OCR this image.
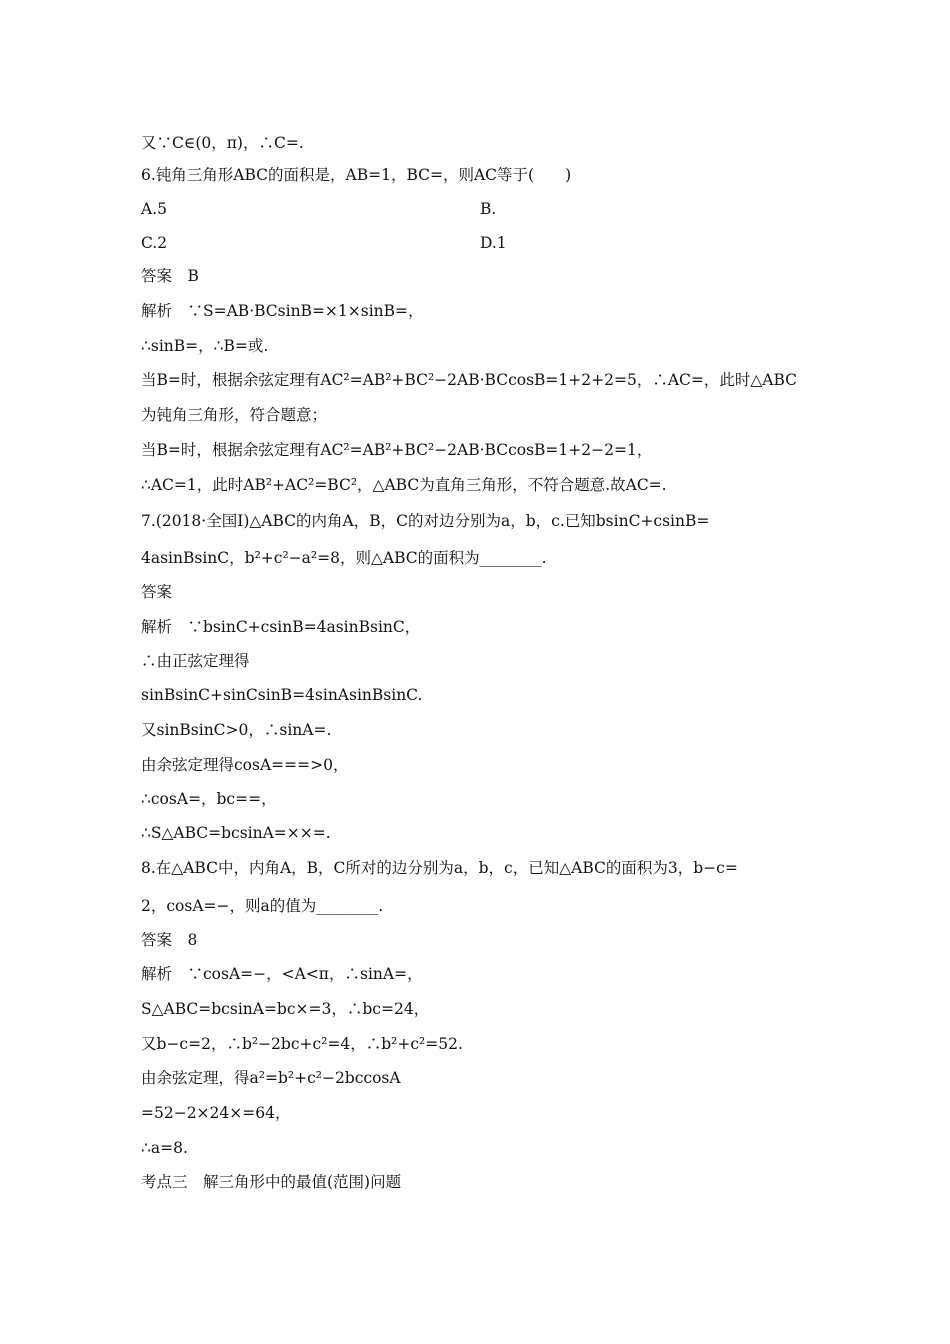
又∵C∈(0，π)，∴C=.
6.钝角三角形ABC的面积是，AB=1，BC=，则AC等于(　　)
A.5	B.
C.2	D.1
答案　B
解析　∵S=AB·BCsinB=×1×sinB=，
∴sinB=，∴B=或.
当B=时，根据余弦定理有AC²=AB²+BC²−2AB·BCcosB=1+2+2=5，∴AC=，此时△ABC
为钝角三角形，符合题意；
当B=时，根据余弦定理有AC²=AB²+BC²−2AB·BCcosB=1+2−2=1，
∴AC=1，此时AB²+AC²=BC²，△ABC为直角三角形，不符合题意.故AC=.
7.(2018·全国Ⅰ)△ABC的内角A，B，C的对边分别为a，b，c.已知bsinC+csinB=
4asinBsinC，b²+c²−a²=8，则△ABC的面积为________.
答案
解析　∵bsinC+csinB=4asinBsinC，
∴由正弦定理得
sinBsinC+sinCsinB=4sinAsinBsinC.
又sinBsinC>0，∴sinA=.
由余弦定理得cosA===>0，
∴cosA=，bc==，
∴S△ABC=bcsinA=××=.
8.在△ABC中，内角A，B，C所对的边分别为a，b，c，已知△ABC的面积为3，b−c=
2，cosA=−，则a的值为________.
答案　8
解析　∵cosA=−，<A<π，∴sinA=，
S△ABC=bcsinA=bc×=3，∴bc=24，
又b−c=2，∴b²−2bc+c²=4，∴b²+c²=52.
由余弦定理，得a²=b²+c²−2bccosA
=52−2×24×=64，
∴a=8.
考点三　解三角形中的最值(范围)问题
